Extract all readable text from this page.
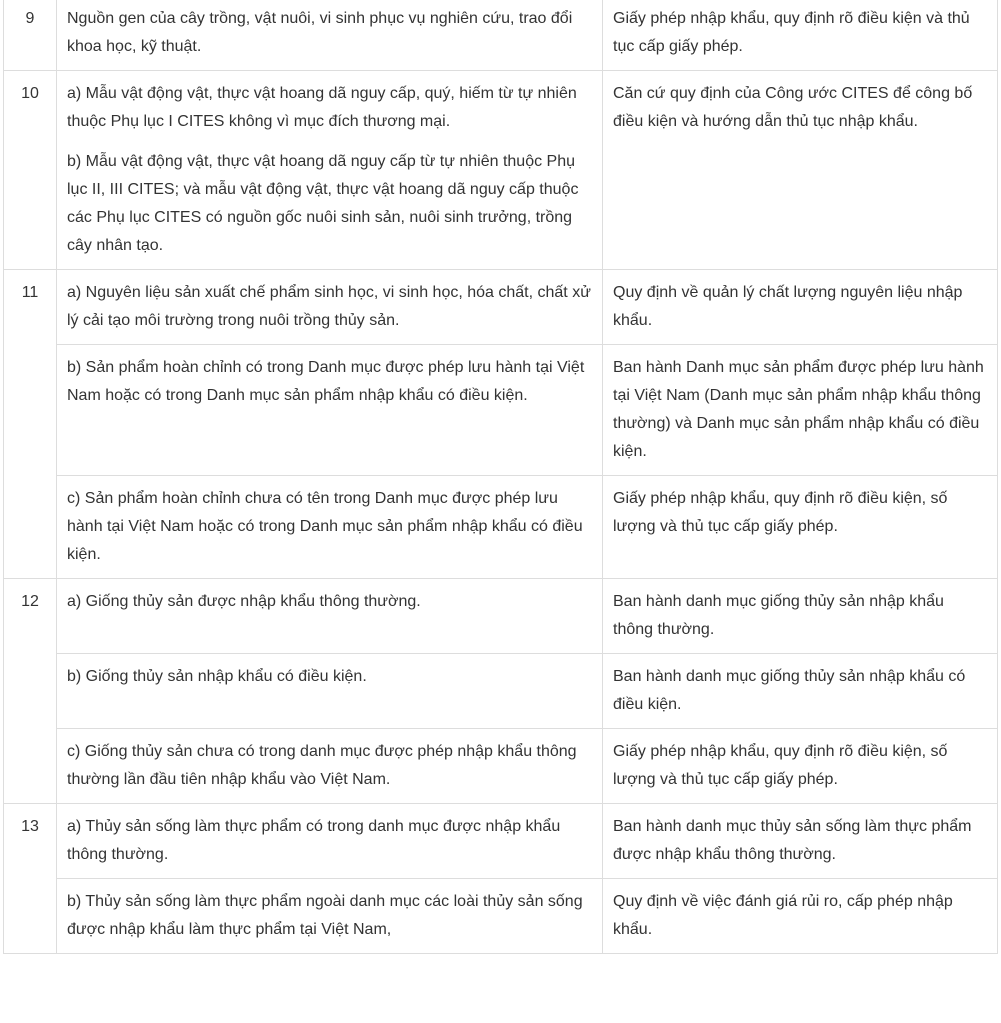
9	Nguồn gen của cây trồng, vật nuôi, vi sinh phục vụ nghiên cứu, trao đổi khoa học, kỹ thuật.	Giấy phép nhập khẩu, quy định rõ điều kiện và thủ tục cấp giấy phép.

10	a) Mẫu vật động vật, thực vật hoang dã nguy cấp, quý, hiếm từ tự nhiên thuộc Phụ lục I CITES không vì mục đích thương mại.

b) Mẫu vật động vật, thực vật hoang dã nguy cấp từ tự nhiên thuộc Phụ lục II, III CITES; và mẫu vật động vật, thực vật hoang dã nguy cấp thuộc các Phụ lục CITES có nguồn gốc nuôi sinh sản, nuôi sinh trưởng, trồng cây nhân tạo.	Căn cứ quy định của Công ước CITES để công bố điều kiện và hướng dẫn thủ tục nhập khẩu.

11	a) Nguyên liệu sản xuất chế phẩm sinh học, vi sinh học, hóa chất, chất xử lý cải tạo môi trường trong nuôi trồng thủy sản.	Quy định về quản lý chất lượng nguyên liệu nhập khẩu.

	b) Sản phẩm hoàn chỉnh có trong Danh mục được phép lưu hành tại Việt Nam hoặc có trong Danh mục sản phẩm nhập khẩu có điều kiện.	Ban hành Danh mục sản phẩm được phép lưu hành tại Việt Nam (Danh mục sản phẩm nhập khẩu thông thường) và Danh mục sản phẩm nhập khẩu có điều kiện.

	c) Sản phẩm hoàn chỉnh chưa có tên trong Danh mục được phép lưu hành tại Việt Nam hoặc có trong Danh mục sản phẩm nhập khẩu có điều kiện.	Giấy phép nhập khẩu, quy định rõ điều kiện, số lượng và thủ tục cấp giấy phép.

12	a) Giống thủy sản được nhập khẩu thông thường.	Ban hành danh mục giống thủy sản nhập khẩu thông thường.

	b) Giống thủy sản nhập khẩu có điều kiện.	Ban hành danh mục giống thủy sản nhập khẩu có điều kiện.

	c) Giống thủy sản chưa có trong danh mục được phép nhập khẩu thông thường lần đầu tiên nhập khẩu vào Việt Nam.	Giấy phép nhập khẩu, quy định rõ điều kiện, số lượng và thủ tục cấp giấy phép.

13	a) Thủy sản sống làm thực phẩm có trong danh mục được nhập khẩu thông thường.	Ban hành danh mục thủy sản sống làm thực phẩm được nhập khẩu thông thường.

	b) Thủy sản sống làm thực phẩm ngoài danh mục các loài thủy sản sống được nhập khẩu làm thực phẩm tại Việt Nam,	Quy định về việc đánh giá rủi ro, cấp phép nhập khẩu.
